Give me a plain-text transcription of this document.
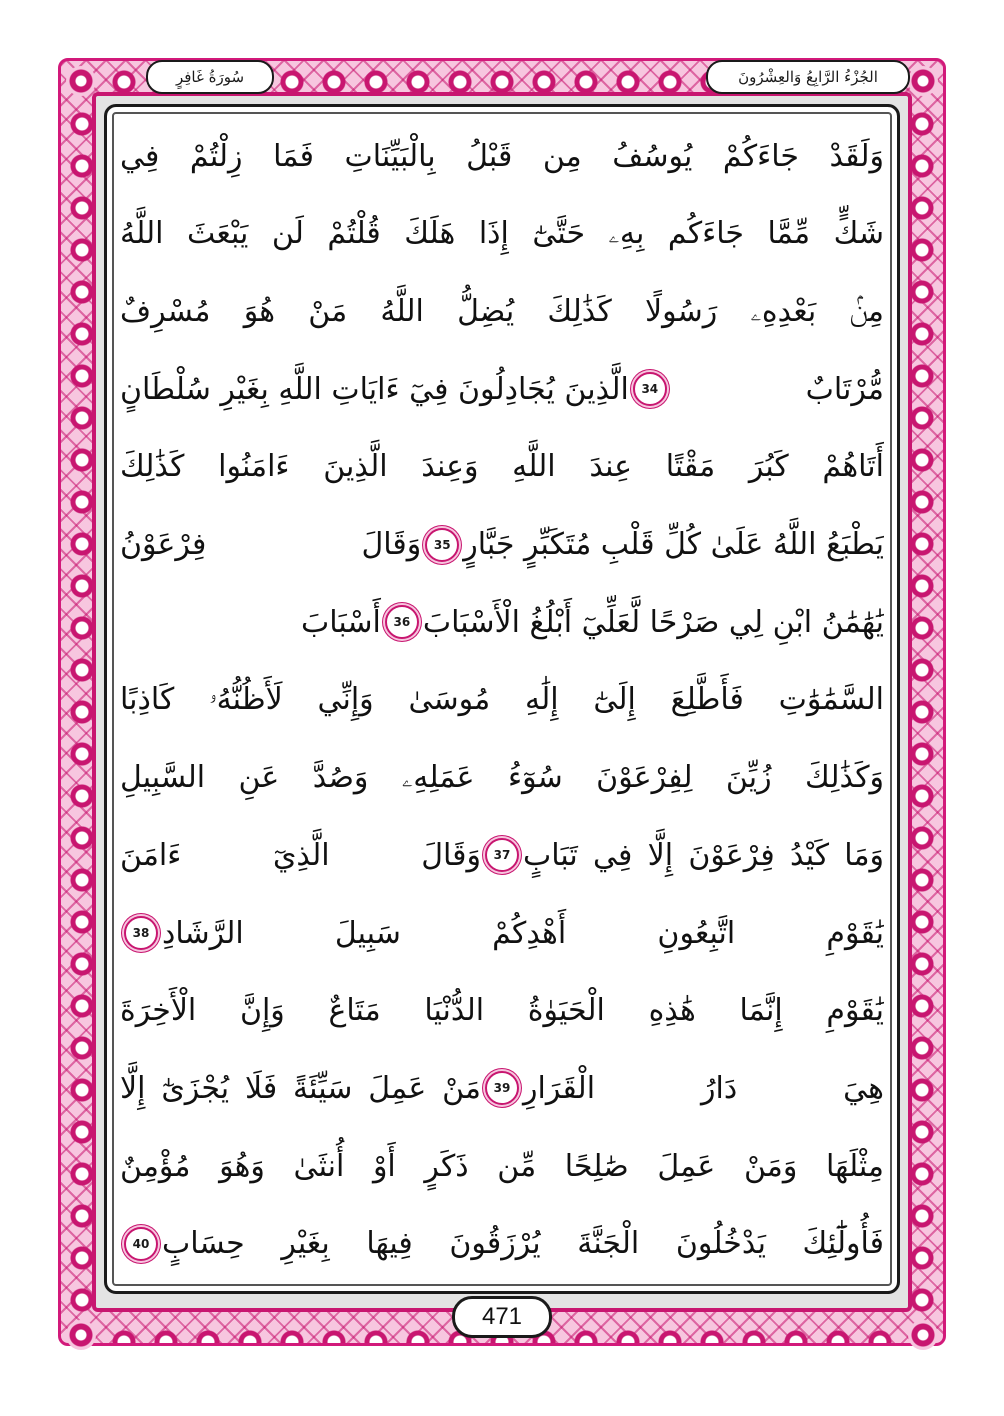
الجُزْءُ الرَّابِعُ وَالعِشْرُونَ
سُورَةُ غَافِرٍ
وَلَقَدْ جَاءَكُمْ يُوسُفُ مِن قَبْلُ بِالْبَيِّنَاتِ فَمَا زِلْتُمْ فِي
شَكٍّ مِّمَّا جَاءَكُم بِهِۦ حَتَّىٰٓ إِذَا هَلَكَ قُلْتُمْ لَن يَبْعَثَ اللَّهُ
مِنۢ بَعْدِهِۦ رَسُولًا كَذَٰلِكَ يُضِلُّ اللَّهُ مَنْ هُوَ مُسْرِفٌ
مُّرْتَابٌ
34
الَّذِينَ يُجَادِلُونَ فِيٓ ءَايَاتِ اللَّهِ بِغَيْرِ سُلْطَانٍ
أَتَاهُمْ كَبُرَ مَقْتًا عِندَ اللَّهِ وَعِندَ الَّذِينَ ءَامَنُوا كَذَٰلِكَ
يَطْبَعُ اللَّهُ عَلَىٰ كُلِّ قَلْبِ مُتَكَبِّرٍ جَبَّارٍ
35
وَقَالَ فِرْعَوْنُ
يَٰهَٰمَٰنُ ابْنِ لِي صَرْحًا لَّعَلِّيٓ أَبْلُغُ الْأَسْبَابَ
36
أَسْبَابَ
السَّمَٰوَٰتِ فَأَطَّلِعَ إِلَىٰٓ إِلَٰهِ مُوسَىٰ وَإِنِّي لَأَظُنُّهُۥ كَاذِبًا
وَكَذَٰلِكَ زُيِّنَ لِفِرْعَوْنَ سُوٓءُ عَمَلِهِۦ وَصُدَّ عَنِ السَّبِيلِ
وَمَا كَيْدُ فِرْعَوْنَ إِلَّا فِي تَبَابٍ
37
وَقَالَ الَّذِيٓ ءَامَنَ
يَٰقَوْمِ اتَّبِعُونِ أَهْدِكُمْ سَبِيلَ الرَّشَادِ
38
يَٰقَوْمِ إِنَّمَا هَٰذِهِ الْحَيَوٰةُ الدُّنْيَا مَتَاعٌ وَإِنَّ الْأَخِرَةَ
هِيَ دَارُ الْقَرَارِ
39
مَنْ عَمِلَ سَيِّئَةً فَلَا يُجْزَىٰٓ إِلَّا
مِثْلَهَا وَمَنْ عَمِلَ صَٰلِحًا مِّن ذَكَرٍ أَوْ أُنثَىٰ وَهُوَ مُؤْمِنٌ
فَأُولَٰٓئِكَ يَدْخُلُونَ الْجَنَّةَ يُرْزَقُونَ فِيهَا بِغَيْرِ حِسَابٍ
40
471
